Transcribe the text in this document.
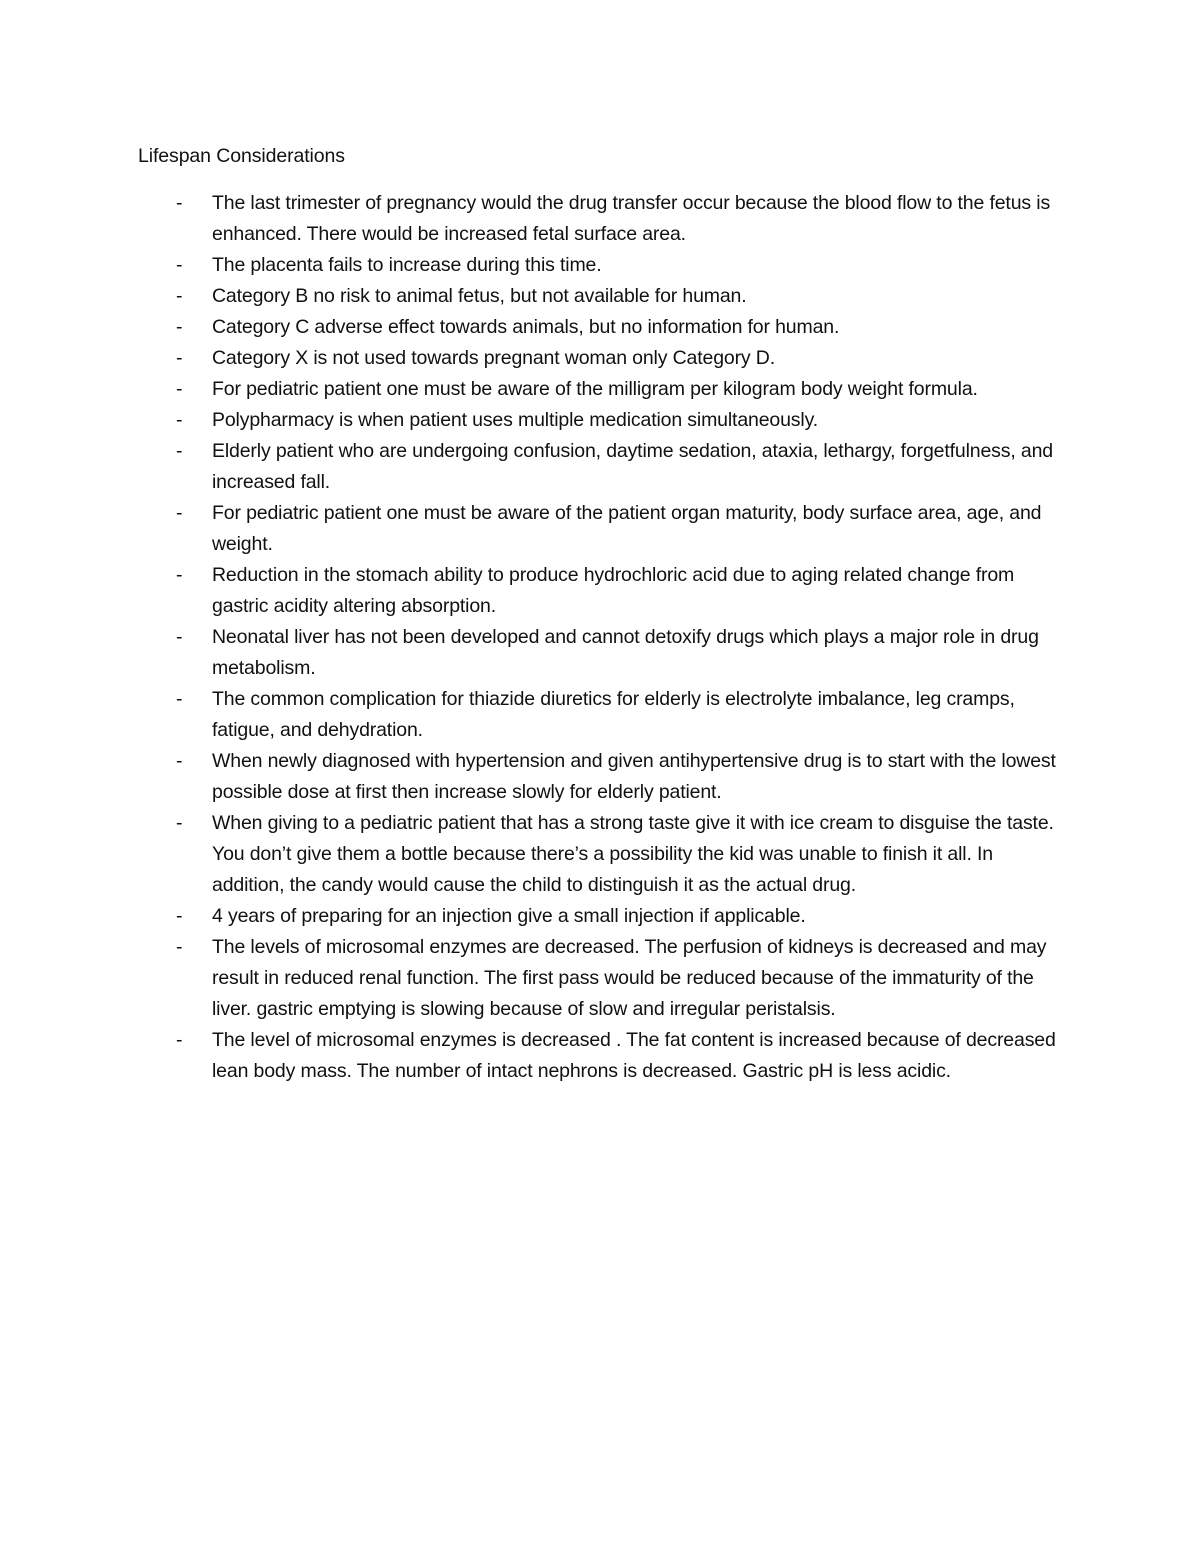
Lifespan Considerations
-	The last trimester of pregnancy would the drug transfer occur because the blood flow to the fetus is enhanced. There would be increased fetal surface area.
-	The placenta fails to increase during this time.
-	Category B no risk to animal fetus, but not available for human.
-	Category C adverse effect towards animals, but no information for human.
-	Category X is not used towards pregnant woman only Category D.
-	For pediatric patient one must be aware of the milligram per kilogram body weight formula.
-	Polypharmacy is when patient uses multiple medication simultaneously.
-	Elderly patient who are undergoing confusion, daytime sedation, ataxia, lethargy, forgetfulness, and increased fall.
-	For pediatric patient one must be aware of the patient organ maturity, body surface area, age, and weight.
-	Reduction in the stomach ability to produce hydrochloric acid due to aging related change from gastric acidity altering absorption.
-	Neonatal liver has not been developed and cannot detoxify drugs which plays a major role in drug metabolism.
-	The common complication for thiazide diuretics for elderly is electrolyte imbalance, leg cramps, fatigue, and dehydration.
-	When newly diagnosed with hypertension and given antihypertensive drug is to start with the lowest possible dose at first then increase slowly for elderly patient.
-	When giving to a pediatric patient that has a strong taste give it with ice cream to disguise the taste. You don’t give them a bottle because there’s a possibility the kid was unable to finish it all. In addition, the candy would cause the child to distinguish it as the actual drug.
-	4 years of preparing for an injection give a small injection if applicable.
-	The levels of microsomal enzymes are decreased. The perfusion of kidneys is decreased and may result in reduced renal function. The first pass would be reduced because of the immaturity of the liver. gastric emptying is slowing because of slow and irregular peristalsis.
-	The level of microsomal enzymes is decreased . The fat content is increased because of decreased lean body mass. The number of intact nephrons is decreased. Gastric pH is less acidic.
